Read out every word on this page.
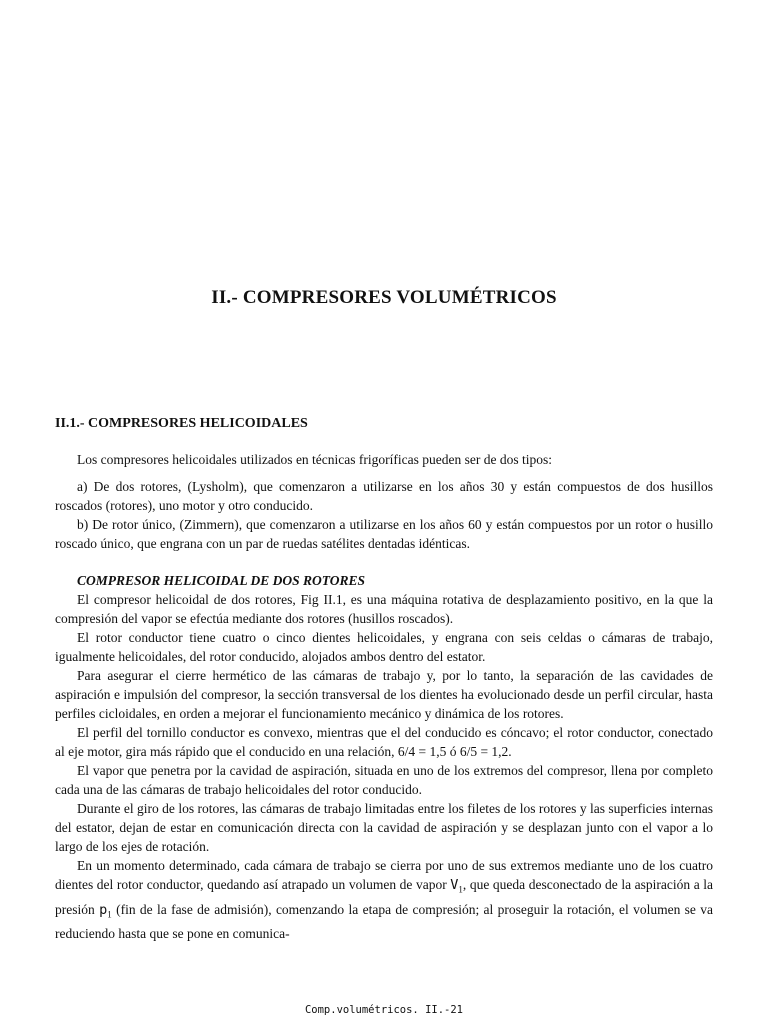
II.- COMPRESORES VOLUMÉTRICOS
II.1.- COMPRESORES HELICOIDALES

Los compresores helicoidales utilizados en técnicas frigoríficas pueden ser de dos tipos:

a) De dos rotores, (Lysholm), que comenzaron a utilizarse en los años 30 y están compuestos de dos husillos roscados (rotores), uno motor y otro conducido.

b) De rotor único, (Zimmern), que comenzaron a utilizarse en los años 60 y están compuestos por un rotor o husillo roscado único, que engrana con un par de ruedas satélites dentadas idénticas.

COMPRESOR HELICOIDAL DE DOS ROTORES

El compresor helicoidal de dos rotores, Fig II.1, es una máquina rotativa de desplazamiento positivo, en la que la compresión del vapor se efectúa mediante dos rotores (husillos roscados).

El rotor conductor tiene cuatro o cinco dientes helicoidales, y engrana con seis celdas o cámaras de trabajo, igualmente helicoidales, del rotor conducido, alojados ambos dentro del estator.

Para asegurar el cierre hermético de las cámaras de trabajo y, por lo tanto, la separación de las cavidades de aspiración e impulsión del compresor, la sección transversal de los dientes ha evolucionado desde un perfil circular, hasta perfiles cicloidales, en orden a mejorar el funcionamiento mecánico y dinámica de los rotores.

El perfil del tornillo conductor es convexo, mientras que el del conducido es cóncavo; el rotor conductor, conectado al eje motor, gira más rápido que el conducido en una relación, 6/4 = 1,5 ó 6/5 = 1,2.

El vapor que penetra por la cavidad de aspiración, situada en uno de los extremos del compresor, llena por completo cada una de las cámaras de trabajo helicoidales del rotor conducido.

Durante el giro de los rotores, las cámaras de trabajo limitadas entre los filetes de los rotores y las superficies internas del estator, dejan de estar en comunicación directa con la cavidad de aspiración y se desplazan junto con el vapor a lo largo de los ejes de rotación.

En un momento determinado, cada cámara de trabajo se cierra por uno de sus extremos mediante uno de los cuatro dientes del rotor conductor, quedando así atrapado un volumen de vapor $V_1$, que queda desconectado de la aspiración a la presión $p_1$ (fin de la fase de admisión), comenzando la etapa de compresión; al proseguir la rotación, el volumen se va reduciendo hasta que se pone en comunica-

Comp.volumétricos. II.-21
